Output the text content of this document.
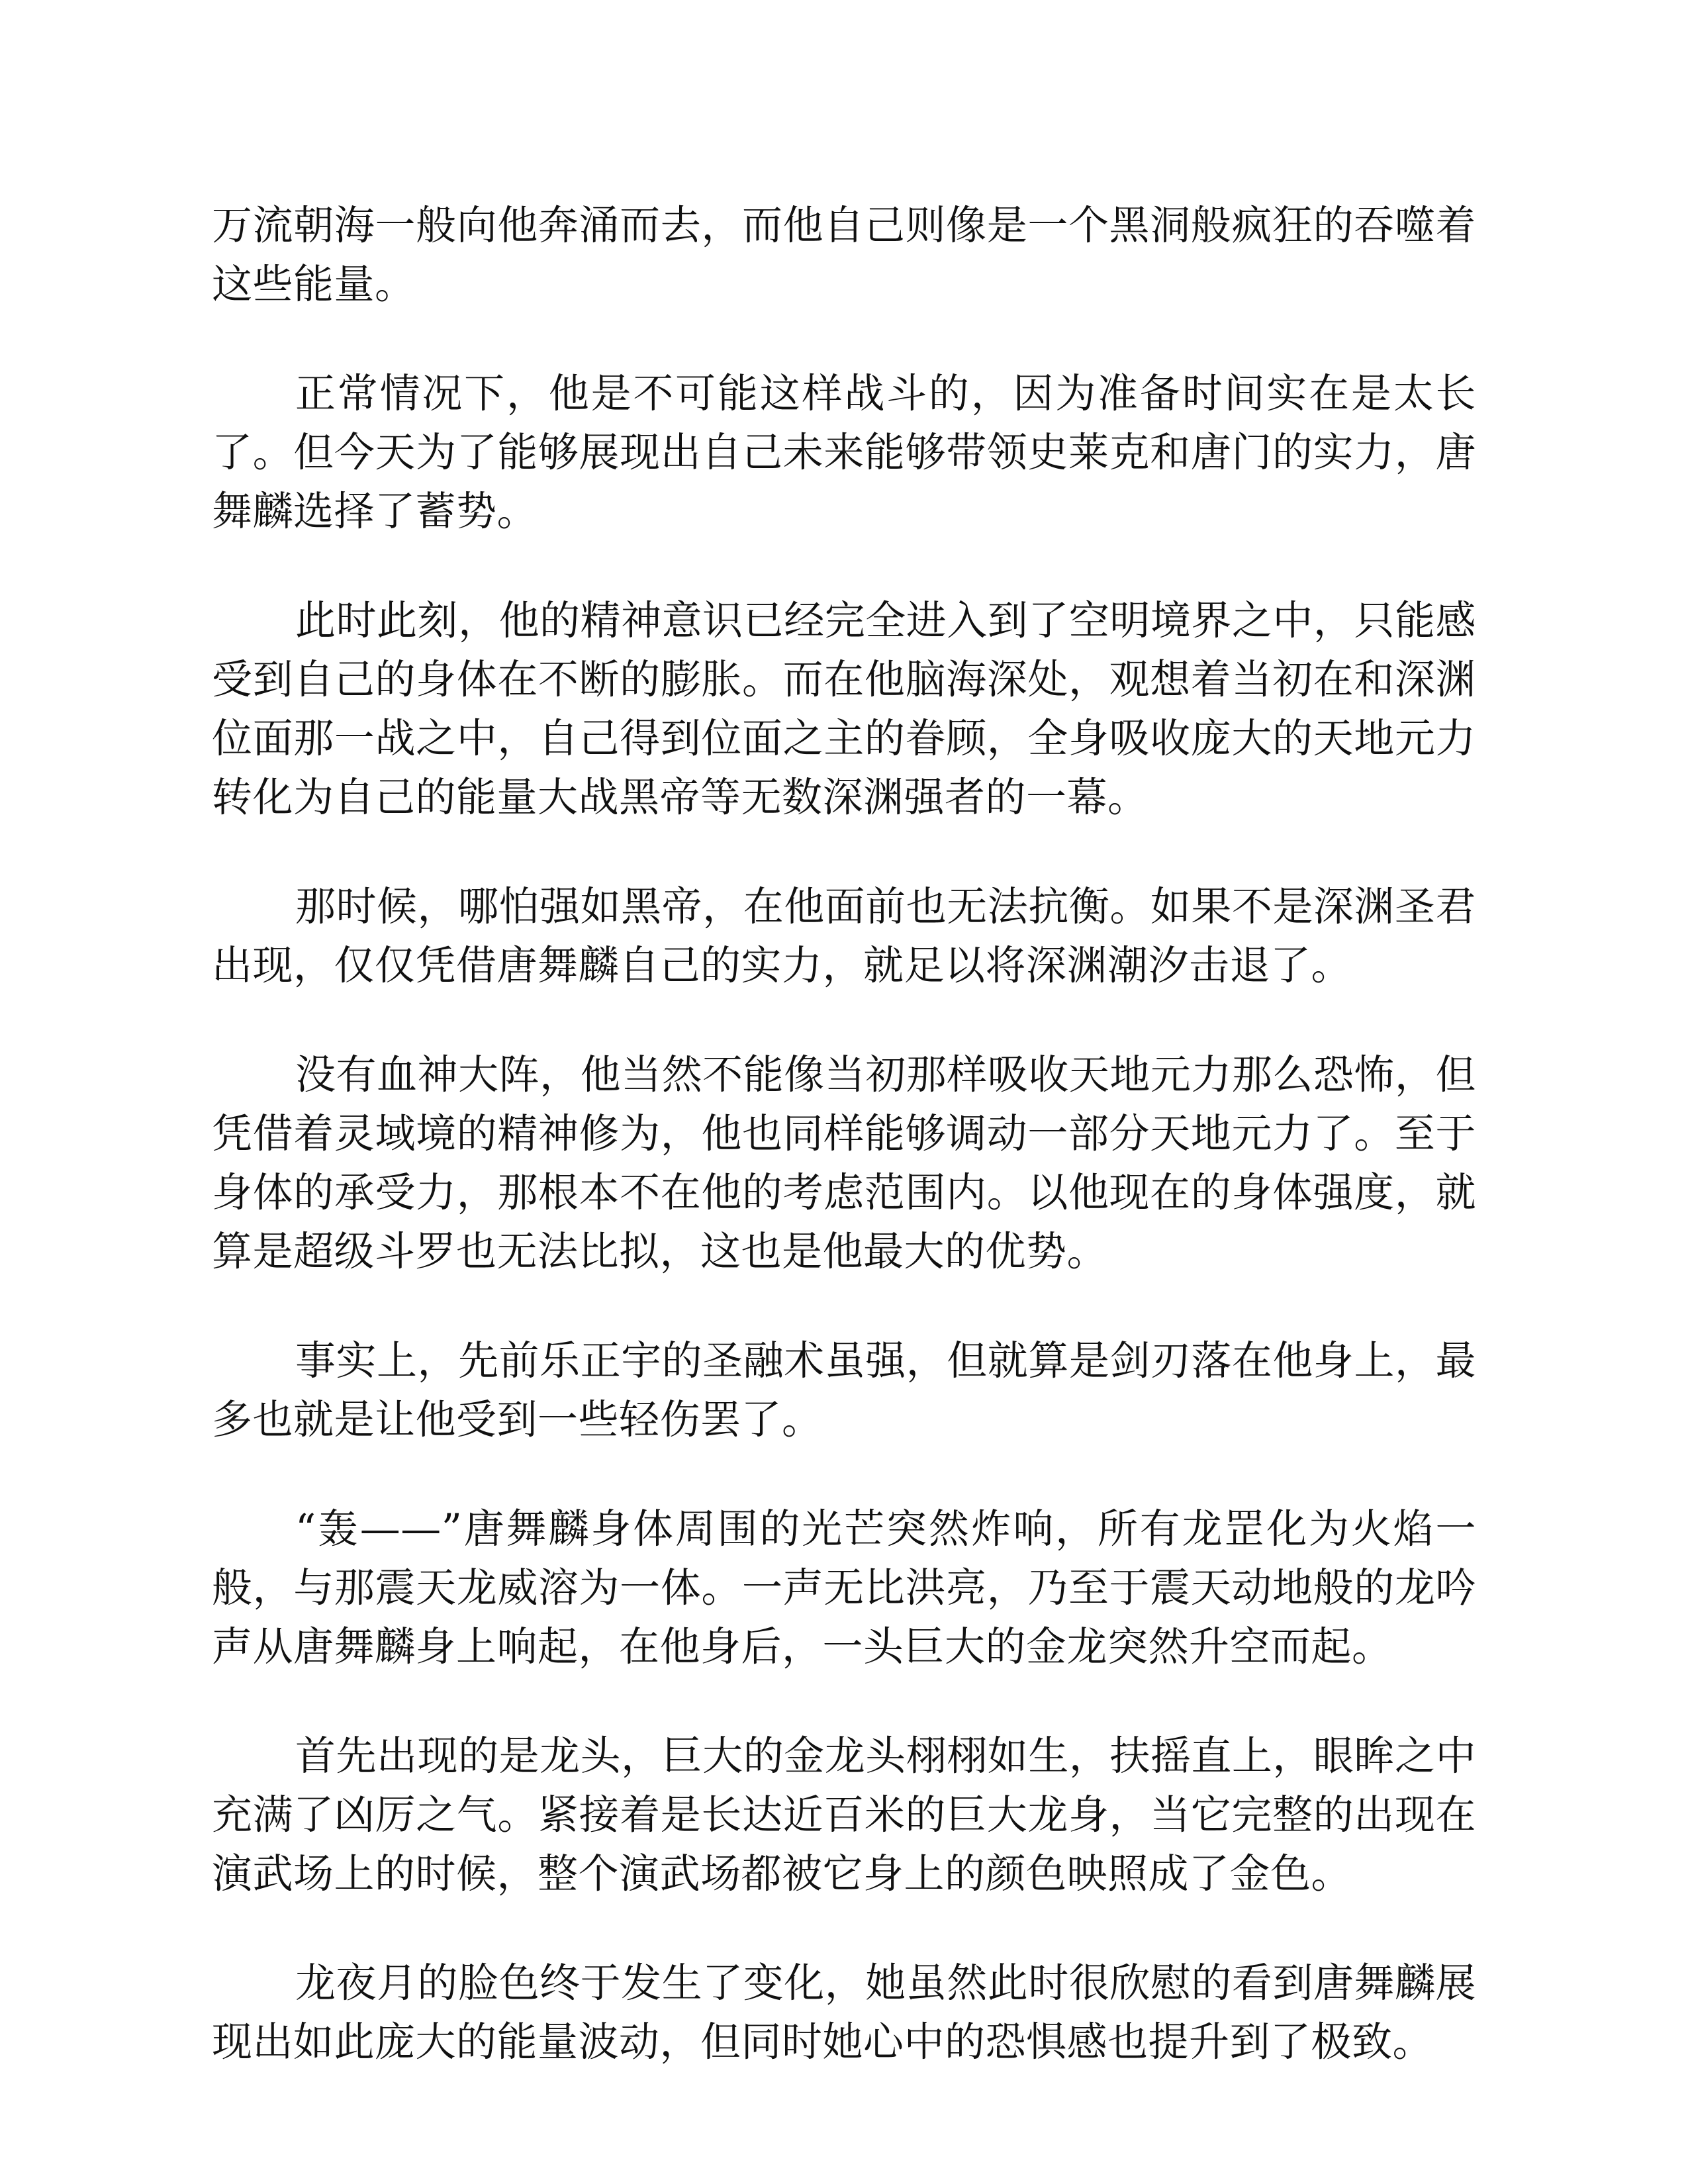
万流朝海一般向他奔涌而去，而他自己则像是一个黑洞般疯狂的吞噬着这些能量。

正常情况下，他是不可能这样战斗的，因为准备时间实在是太长了。但今天为了能够展现出自己未来能够带领史莱克和唐门的实力，唐舞麟选择了蓄势。

此时此刻，他的精神意识已经完全进入到了空明境界之中，只能感受到自己的身体在不断的膨胀。而在他脑海深处，观想着当初在和深渊位面那一战之中，自己得到位面之主的眷顾，全身吸收庞大的天地元力转化为自己的能量大战黑帝等无数深渊强者的一幕。

那时候，哪怕强如黑帝，在他面前也无法抗衡。如果不是深渊圣君出现，仅仅凭借唐舞麟自己的实力，就足以将深渊潮汐击退了。

没有血神大阵，他当然不能像当初那样吸收天地元力那么恐怖，但凭借着灵域境的精神修为，他也同样能够调动一部分天地元力了。至于身体的承受力，那根本不在他的考虑范围内。以他现在的身体强度，就算是超级斗罗也无法比拟，这也是他最大的优势。

事实上，先前乐正宇的圣融术虽强，但就算是剑刃落在他身上，最多也就是让他受到一些轻伤罢了。

“轰——”唐舞麟身体周围的光芒突然炸响，所有龙罡化为火焰一般，与那震天龙威溶为一体。一声无比洪亮，乃至于震天动地般的龙吟声从唐舞麟身上响起，在他身后，一头巨大的金龙突然升空而起。

首先出现的是龙头，巨大的金龙头栩栩如生，扶摇直上，眼眸之中充满了凶厉之气。紧接着是长达近百米的巨大龙身，当它完整的出现在演武场上的时候，整个演武场都被它身上的颜色映照成了金色。

龙夜月的脸色终于发生了变化，她虽然此时很欣慰的看到唐舞麟展现出如此庞大的能量波动，但同时她心中的恐惧感也提升到了极致。
